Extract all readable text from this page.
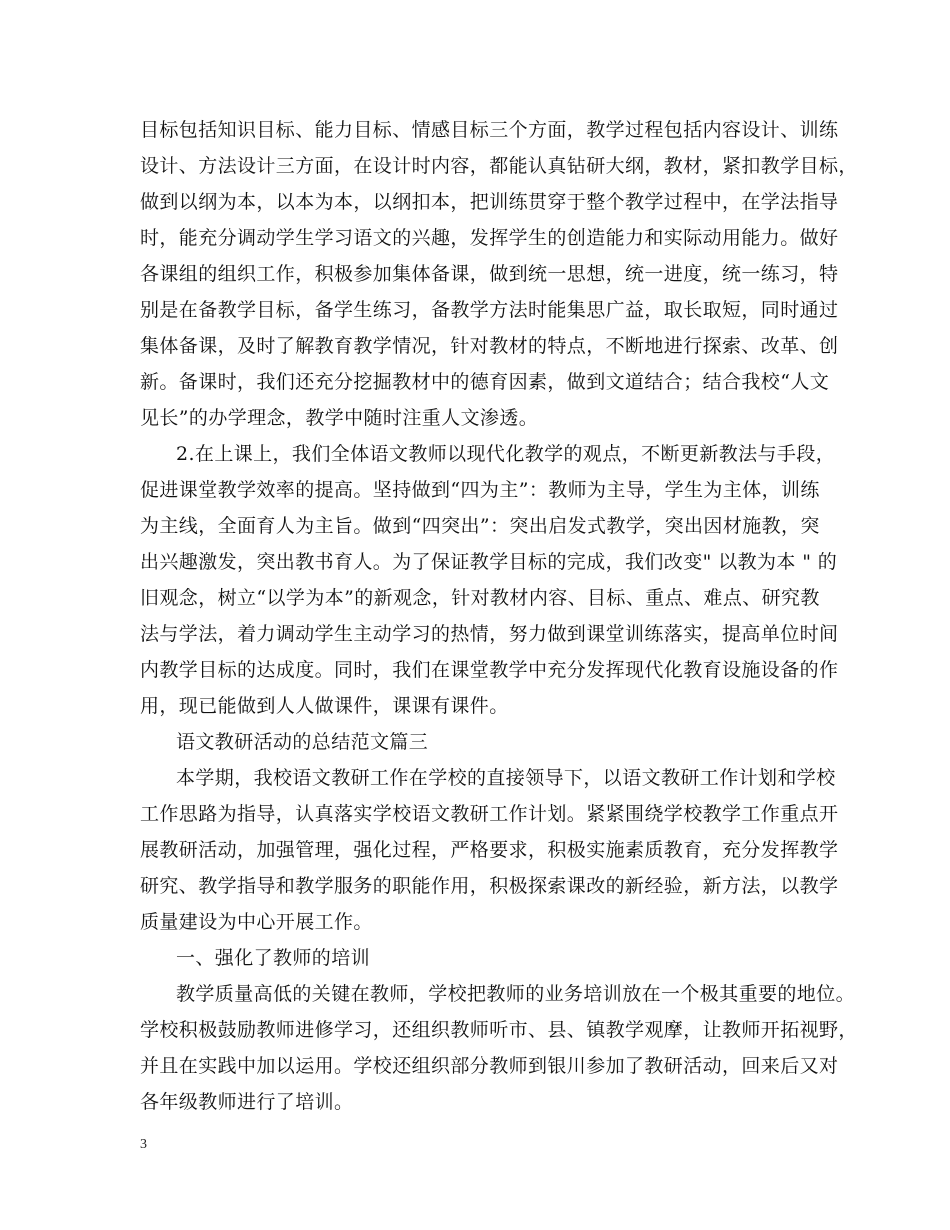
目标包括知识目标、能力目标、情感目标三个方面，教学过程包括内容设计、训练
设计、方法设计三方面，在设计时内容，都能认真钻研大纲，教材，紧扣教学目标，
做到以纲为本，以本为本，以纲扣本，把训练贯穿于整个教学过程中，在学法指导
时，能充分调动学生学习语文的兴趣，发挥学生的创造能力和实际动用能力。做好
各课组的组织工作，积极参加集体备课，做到统一思想，统一进度，统一练习，特
别是在备教学目标，备学生练习，备教学方法时能集思广益，取长取短，同时通过
集体备课，及时了解教育教学情况，针对教材的特点，不断地进行探索、改革、创
新。备课时，我们还充分挖掘教材中的德育因素，做到文道结合；结合我校“人文
见长”的办学理念，教学中随时注重人文渗透。
2.在上课上，我们全体语文教师以现代化教学的观点，不断更新教法与手段，
促进课堂教学效率的提高。坚持做到“四为主”：教师为主导，学生为主体，训练
为主线，全面育人为主旨。做到“四突出”：突出启发式教学，突出因材施教，突
出兴趣激发，突出教书育人。为了保证教学目标的完成，我们改变" 以教为本 " 的
旧观念，树立“以学为本”的新观念，针对教材内容、目标、重点、难点、研究教
法与学法，着力调动学生主动学习的热情，努力做到课堂训练落实，提高单位时间
内教学目标的达成度。同时，我们在课堂教学中充分发挥现代化教育设施设备的作
用，现已能做到人人做课件，课课有课件。
语文教研活动的总结范文篇三
本学期，我校语文教研工作在学校的直接领导下，以语文教研工作计划和学校
工作思路为指导，认真落实学校语文教研工作计划。紧紧围绕学校教学工作重点开
展教研活动，加强管理，强化过程，严格要求，积极实施素质教育，充分发挥教学
研究、教学指导和教学服务的职能作用，积极探索课改的新经验，新方法，以教学
质量建设为中心开展工作。
一、强化了教师的培训
教学质量高低的关键在教师，学校把教师的业务培训放在一个极其重要的地位。
学校积极鼓励教师进修学习，还组织教师听市、县、镇教学观摩，让教师开拓视野，
并且在实践中加以运用。学校还组织部分教师到银川参加了教研活动，回来后又对
各年级教师进行了培训。
3
